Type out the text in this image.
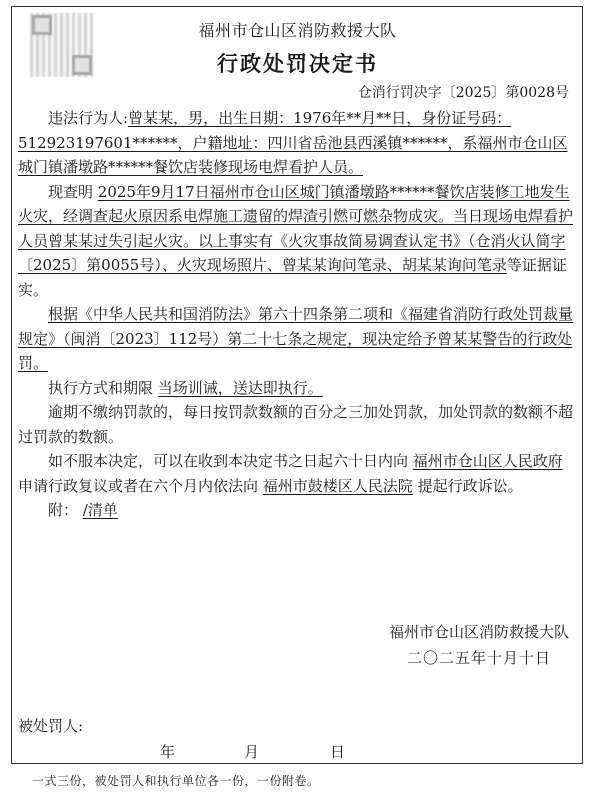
福州市仓山区消防救援大队
行政处罚决定书
仓消行罚决字〔2025〕第0028号

违法行为人:曾某某，男，出生日期：1976年**月**日，身份证号码：512923197601******，户籍地址：四川省岳池县西溪镇******，系福州市仓山区城门镇潘墩路******餐饮店装修现场电焊看护人员。

现查明 2025年9月17日福州市仓山区城门镇潘墩路******餐饮店装修工地发生火灾，经调查起火原因系电焊施工遗留的焊渣引燃可燃杂物成灾。当日现场电焊看护人员曾某某过失引起火灾。以上事实有《火灾事故简易调查认定书》（仓消火认简字〔2025〕第0055号）、火灾现场照片、曾某某询问笔录、胡某某询问笔录等证据证实。

根据《中华人民共和国消防法》第六十四条第二项和《福建省消防行政处罚裁量规定》（闽消〔2023〕112号）第二十七条之规定，现决定给予曾某某警告的行政处罚。

执行方式和期限 当场训诫，送达即执行。

逾期不缴纳罚款的，每日按罚款数额的百分之三加处罚款，加处罚款的数额不超过罚款的数额。

如不服本决定，可以在收到本决定书之日起六十日内向 福州市仓山区人民政府 申请行政复议或者在六个月内依法向 福州市鼓楼区人民法院 提起行政诉讼。

附： /清单

福州市仓山区消防救援大队
二〇二五年十月十日
被处罚人:
年	月	日
一式三份，被处罚人和执行单位各一份，一份附卷。
